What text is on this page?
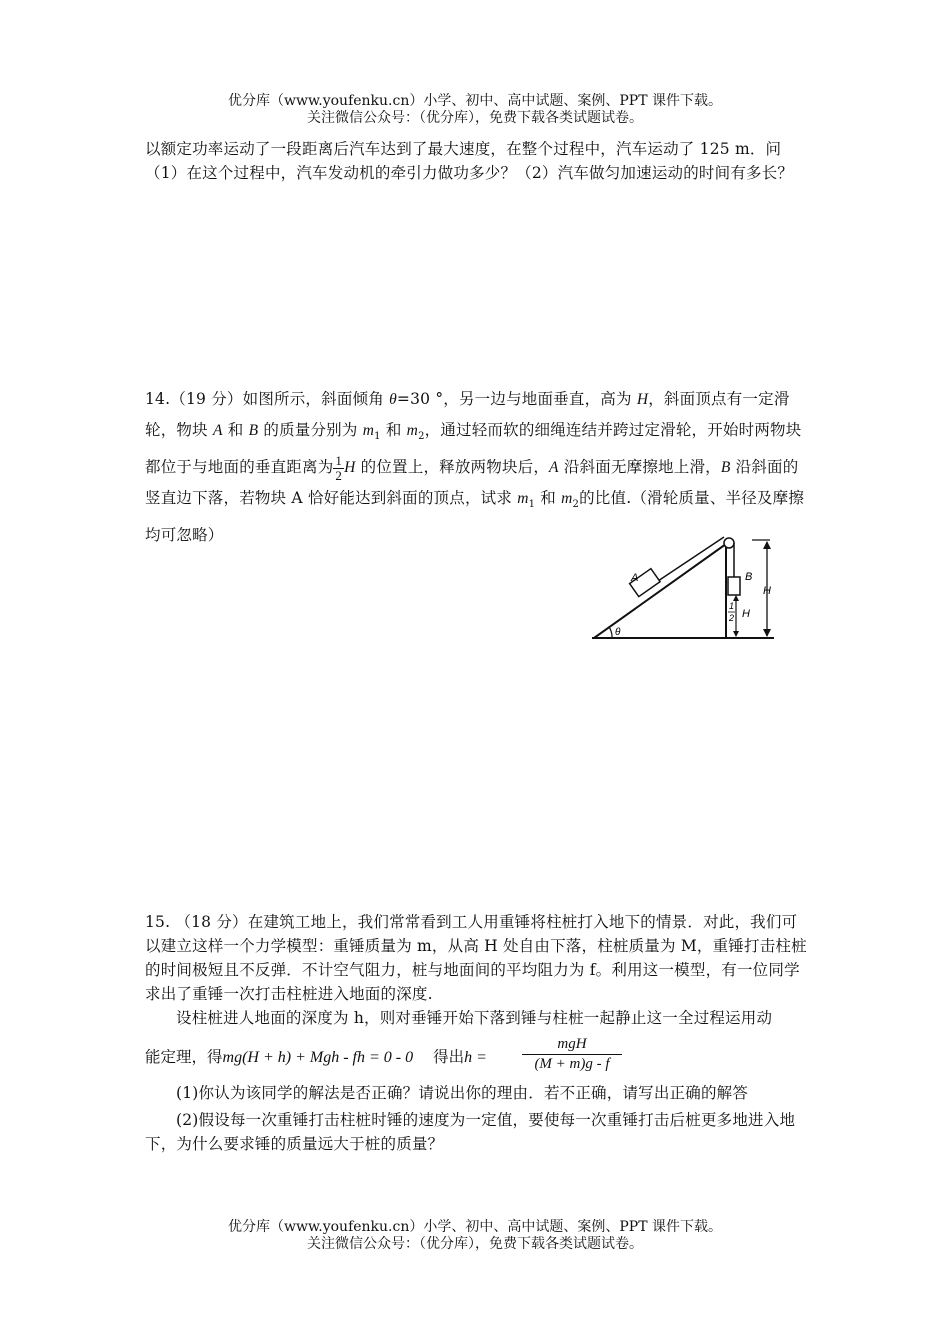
优分库（www.youfenku.cn）小学、初中、高中试题、案例、PPT 课件下载。
关注微信公众号：（优分库），免费下载各类试题试卷。
以额定功率运动了一段距离后汽车达到了最大速度，在整个过程中，汽车运动了 125 m．问（1）在这个过程中，汽车发动机的牵引力做功多少？（2）汽车做匀加速运动的时间有多长？
14.（19 分）如图所示，斜面倾角 θ=30 °，另一边与地面垂直，高为 H，斜面顶点有一定滑轮，物块 A 和 B 的质量分别为 $m_1$ 和 $m_2$，通过轻而软的细绳连结并跨过定滑轮，开始时两物块都位于与地面的垂直距离为 $\frac{1}{2}$ H 的位置上，释放两物块后，A 沿斜面无摩擦地上滑，B 沿斜面的竖直边下落，若物块 A 恰好能达到斜面的顶点，试求 $m_1$ 和 $m_2$的比值.（滑轮质量、半径及摩擦均可忽略）
A	B
H
1
2 H
θ
15. （18 分）在建筑工地上，我们常常看到工人用重锤将柱桩打入地下的情景．对此，我们可以建立这样一个力学模型：重锤质量为 m，从高 H 处自由下落，柱桩质量为 M，重锤打击柱桩的时间极短且不反弹．不计空气阻力，桩与地面间的平均阻力为 f。利用这一模型，有一位同学求出了重锤一次打击柱桩进入地面的深度.
设柱桩进人地面的深度为 h，则对垂锤开始下落到锤与柱桩一起静止这一全过程运用动
能定理，得mg(H + h) + Mgh - fh = 0 - 0 得出h =
mgH
(M + m)g - f
(1)你认为该同学的解法是否正确？请说出你的理由．若不正确，请写出正确的解答
(2)假设每一次重锤打击柱桩时锤的速度为一定值，要使每一次重锤打击后桩更多地进入地下，为什么要求锤的质量远大于桩的质量？
优分库（www.youfenku.cn）小学、初中、高中试题、案例、PPT 课件下载。
关注微信公众号：（优分库），免费下载各类试题试卷。
